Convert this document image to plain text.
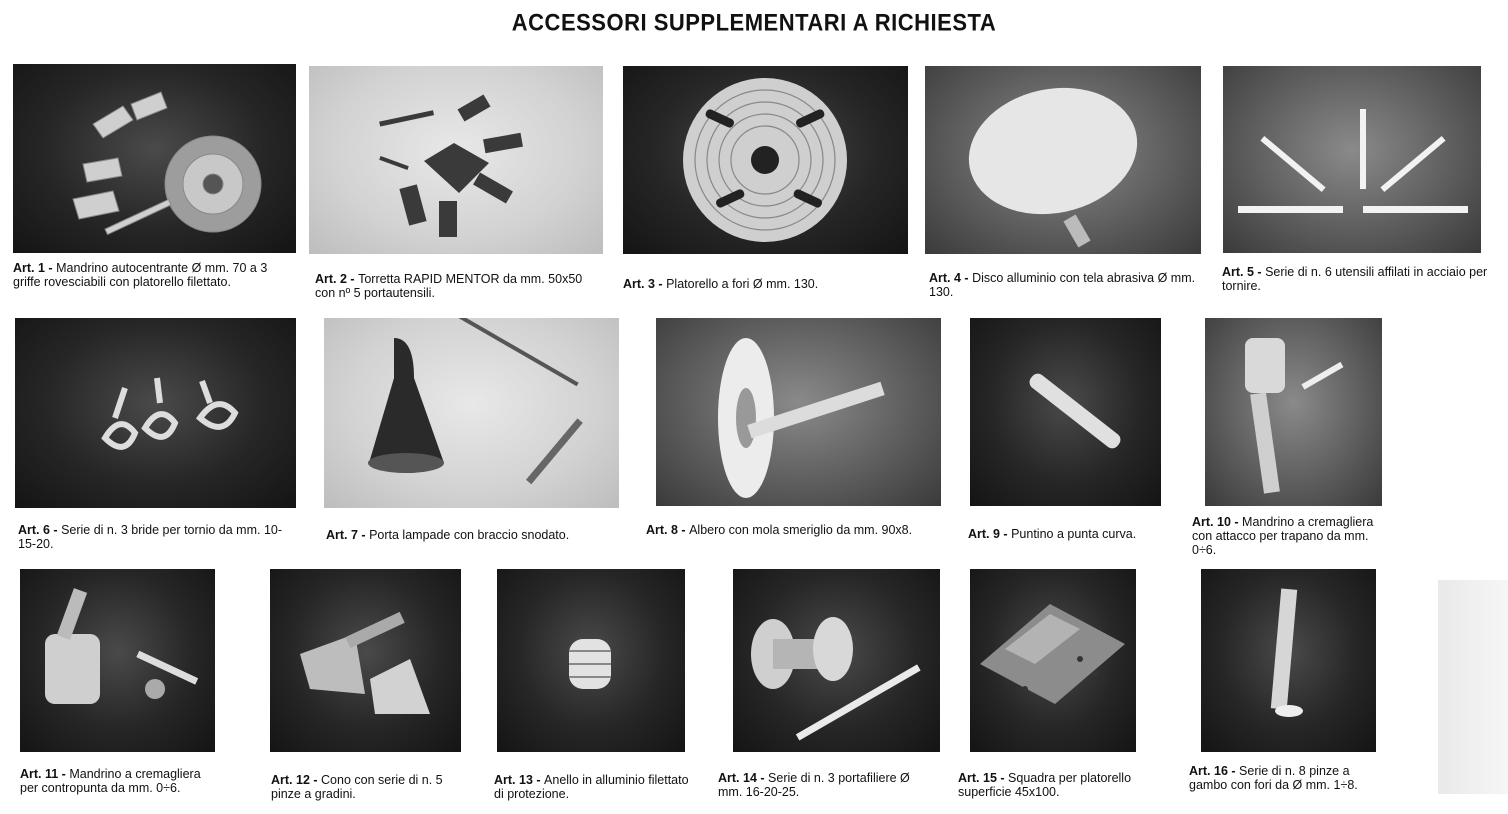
ACCESSORI SUPPLEMENTARI A RICHIESTA
Art. 1 - Mandrino autocentrante Ø mm. 70 a 3 griffe rovesciabili con platorello filettato.	Art. 2 - Torretta RAPID MENTOR da mm. 50x50 con nº 5 portautensili.
Art. 3 - Platorello a fori Ø mm. 130.	Art. 4 - Disco alluminio con tela abrasiva Ø mm. 130.
Art. 5 - Serie di n. 6 utensili affilati in acciaio per tornire.
Art. 6 - Serie di n. 3 bride per tornio da mm. 10-15-20.
Art. 7 - Porta lampade con braccio snodato.	Art. 8 - Albero con mola smeriglio da mm. 90x8.	Art. 9 - Puntino a punta curva.
Art. 10 - Mandrino a cremagliera con attacco per trapano da mm. 0÷6.
Art. 11 - Mandrino a cremagliera per contropunta da mm. 0÷6.
Art. 12 - Cono con serie di n. 5 pinze a gradini.
Art. 13 - Anello in alluminio filettato di protezione.
Art. 14 - Serie di n. 3 portafiliere Ø mm. 16-20-25.
Art. 15 - Squadra per platorello superficie 45x100.
Art. 16 - Serie di n. 8 pinze a gambo con fori da Ø mm. 1÷8.
